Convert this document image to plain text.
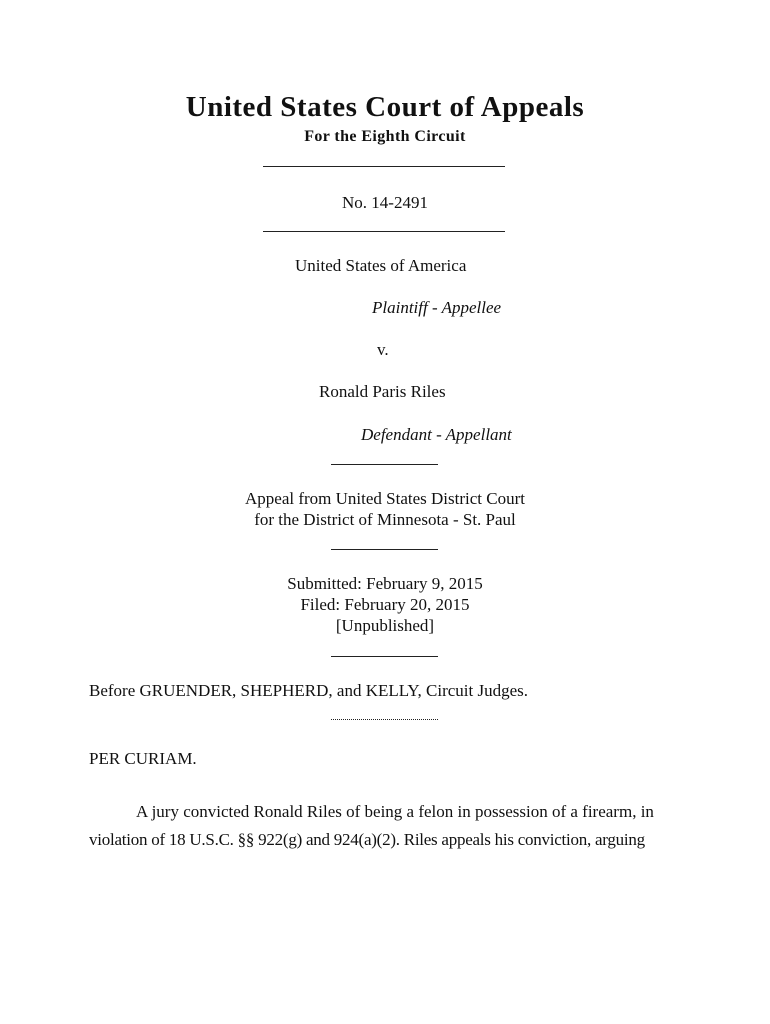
United States Court of Appeals
For the Eighth Circuit
No. 14-2491
United States of America
Plaintiff - Appellee
v.
Ronald Paris Riles
Defendant - Appellant
Appeal from United States District Court
for the District of Minnesota - St. Paul
Submitted: February 9, 2015
Filed: February 20, 2015
[Unpublished]
Before GRUENDER, SHEPHERD, and KELLY, Circuit Judges.
PER CURIAM.
A jury convicted Ronald Riles of being a felon in possession of a firearm, in
violation of 18 U.S.C. §§ 922(g) and 924(a)(2). Riles appeals his conviction, arguing
